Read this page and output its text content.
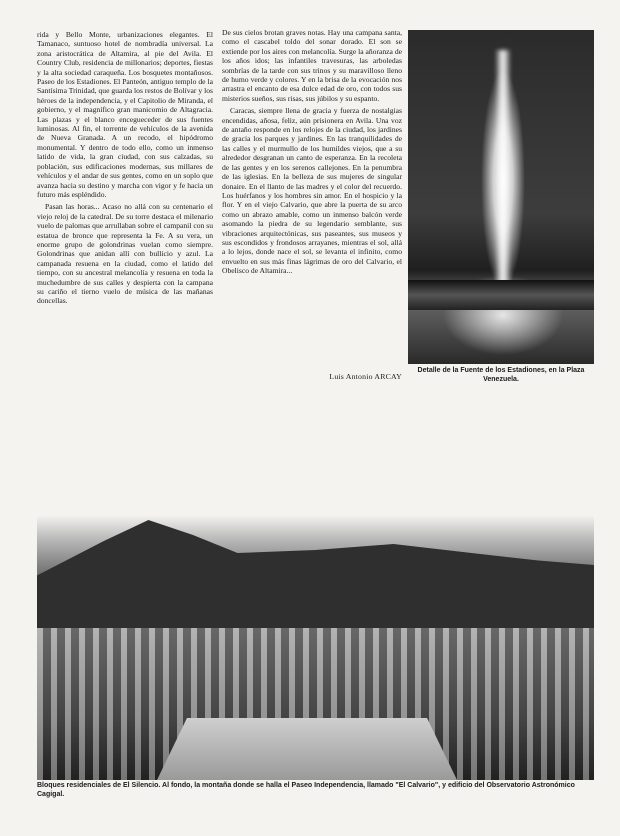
rida y Bello Monte, urbanizaciones elegantes. El Tamanaco, suntuoso hotel de nombradía universal. La zona aristocrática de Altamira, al pie del Avila. El Country Club, residencia de millonarios; deportes, fiestas y la alta sociedad caraqueña. Los bosquetes montañosos. Paseo de los Estadiones. El Panteón, antiguo templo de la Santísima Trinidad, que guarda los restos de Bolívar y los héroes de la independencia, y el Capitolio de Miranda, el gobierno, y el magnífico gran manicomio de Altagracia. Las plazas y el blanco encegueceder de sus fuentes luminosas. Al fin, el torrente de vehículos de la avenida de Nueva Granada. A un recodo, el hipódromo monumental. Y dentro de todo ello, como un inmenso latido de vida, la gran ciudad, con sus calzadas, su población, sus edificaciones modernas, sus millares de vehículos y el andar de sus gentes, como en un soplo que avanza hacia su destino y marcha con vigor y fe hacia un futuro más espléndido.

Pasan las horas... Acaso no allá con su centenario el viejo reloj de la catedral. De su torre destaca el milenario vuelo de palomas que arrullaban sobre el campanil con su estatua de bronce que representa la Fe. A su vera, un enorme grupo de golondrinas vuelan como siempre. Golondrinas que anidan allí con bullicio y azul. La campanada resuena en la ciudad, como el latido del tiempo, con su ancestral melancolía y resuena en toda la muchedumbre de sus calles y despierta con la campana su cariño el tierno vuelo de música de las mañanas doncellas.

De sus cielos brotan graves notas. Hay una campana santa, como el cascabel toldo del sonar dorado. El son se extiende por los aires con melancolía. Surge la añoranza de los años idos; las infantiles travesuras, las arboledas sombrías de la tarde con sus trinos y su maravilloso lleno de humo verde y colores. Y en la brisa de la evocación nos arrastra el encanto de esa dulce edad de oro, con todos sus misterios sueños, sus risas, sus júbilos y su espanto.

Caracas, siempre llena de gracia y fuerza de nostalgias encendidas, añosa, feliz, aún prisionera en Avila. Una voz de antaño responde en los relojes de la ciudad, los jardines de gracia los parques y jardines. En las tranquilidades de las calles y el murmullo de los humildes viejos, que a su alrededor desgranan un canto de esperanza. En la recoleta de las gentes y en los serenos callejones. En la penumbra de las iglesias. En la belleza de sus mujeres de singular donaire. En el llanto de las madres y el color del recuerdo. Los huérfanos y los hombres sin amor. En el hospicio y la flor. Y en el viejo Calvario, que abre la puerta de su arco como un abrazo amable, como un inmenso balcón verde asomando la piedra de su legendario semblante, sus vibraciones arquitectónicas, sus paseantes, sus museos y sus escondidos y frondosos arrayanes, mientras el sol, allá a lo lejos, donde nace el sol, se levanta el infinito, como envuelto en sus más finas lágrimas de oro del Calvario, el Obelisco de Altamira...

Luis Antonio ARCAY
Detalle de la Fuente de los Estadiones, en la Plaza Venezuela.
Bloques residenciales de El Silencio. Al fondo, la montaña donde se halla el Paseo Independencia, llamado "El Calvario", y edificio del Observatorio Astronómico Cagigal.
